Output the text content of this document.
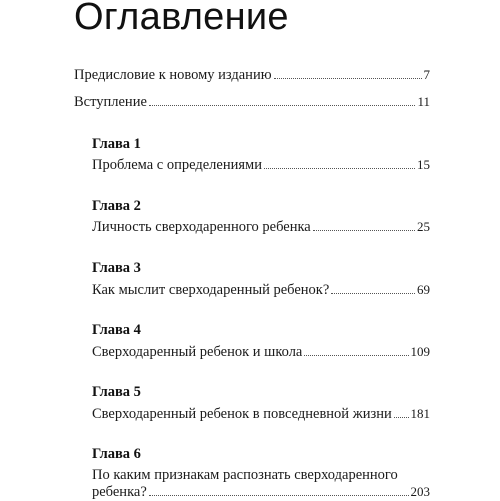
Оглавление
Предисловие к новому изданию	7
Вступление	11
Глава 1
Проблема с определениями	15
Глава 2
Личность сверходаренного ребенка	25
Глава 3
Как мыслит сверходаренный ребенок?	69
Глава 4
Сверходаренный ребенок и школа	109
Глава 5
Сверходаренный ребенок в повседневной жизни 181
Глава 6
По каким признакам распознать сверходаренного
ребенка?	203
